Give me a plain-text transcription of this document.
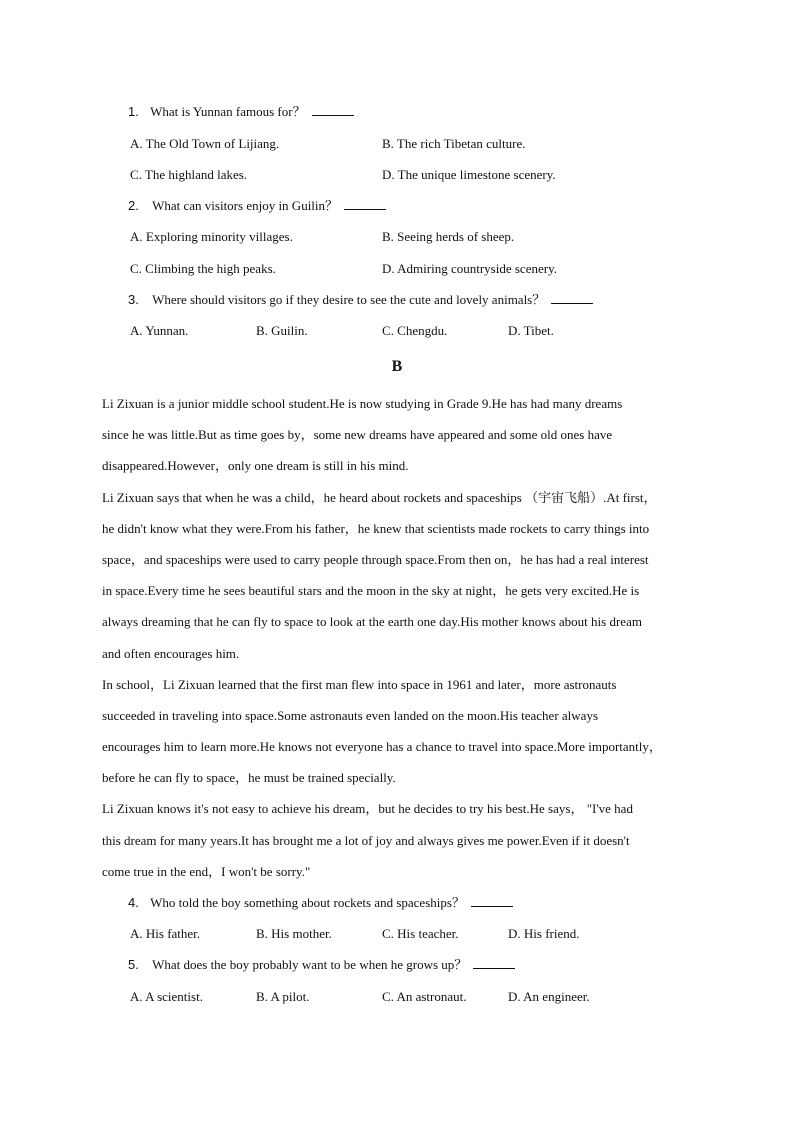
1. What is Yunnan famous for？
A. The Old Town of Lijiang.	B. The rich Tibetan culture.
C. The highland lakes.	D. The unique limestone scenery.
2. What can visitors enjoy in Guilin？
A. Exploring minority villages.	B. Seeing herds of sheep.
C. Climbing the high peaks.	D. Admiring countryside scenery.
3. Where should visitors go if they desire to see the cute and lovely animals？
A. Yunnan.	B. Guilin.	C. Chengdu.	D. Tibet.
B
Li Zixuan is a junior middle school student.He is now studying in Grade 9.He has had many dreams
since he was little.But as time goes by，some new dreams have appeared and some old ones have
disappeared.However，only one dream is still in his mind.
Li Zixuan says that when he was a child，he heard about rockets and spaceships （宇宙飞船）.At first，
he didn't know what they were.From his father，he knew that scientists made rockets to carry things into
space，and spaceships were used to carry people through space.From then on，he has had a real interest
in space.Every time he sees beautiful stars and the moon in the sky at night，he gets very excited.He is
always dreaming that he can fly to space to look at the earth one day.His mother knows about his dream
and often encourages him.
In school，Li Zixuan learned that the first man flew into space in 1961 and later，more astronauts
succeeded in traveling into space.Some astronauts even landed on the moon.His teacher always
encourages him to learn more.He knows not everyone has a chance to travel into space.More importantly，
before he can fly to space，he must be trained specially.
Li Zixuan knows it's not easy to achieve his dream，but he decides to try his best.He says， "I've had
this dream for many years.It has brought me a lot of joy and always gives me power.Even if it doesn't
come true in the end，I won't be sorry."
4. Who told the boy something about rockets and spaceships？
A. His father.	B. His mother.	C. His teacher.	D. His friend.
5. What does the boy probably want to be when he grows up？
A. A scientist.	B. A pilot.	C. An astronaut.	D. An engineer.
